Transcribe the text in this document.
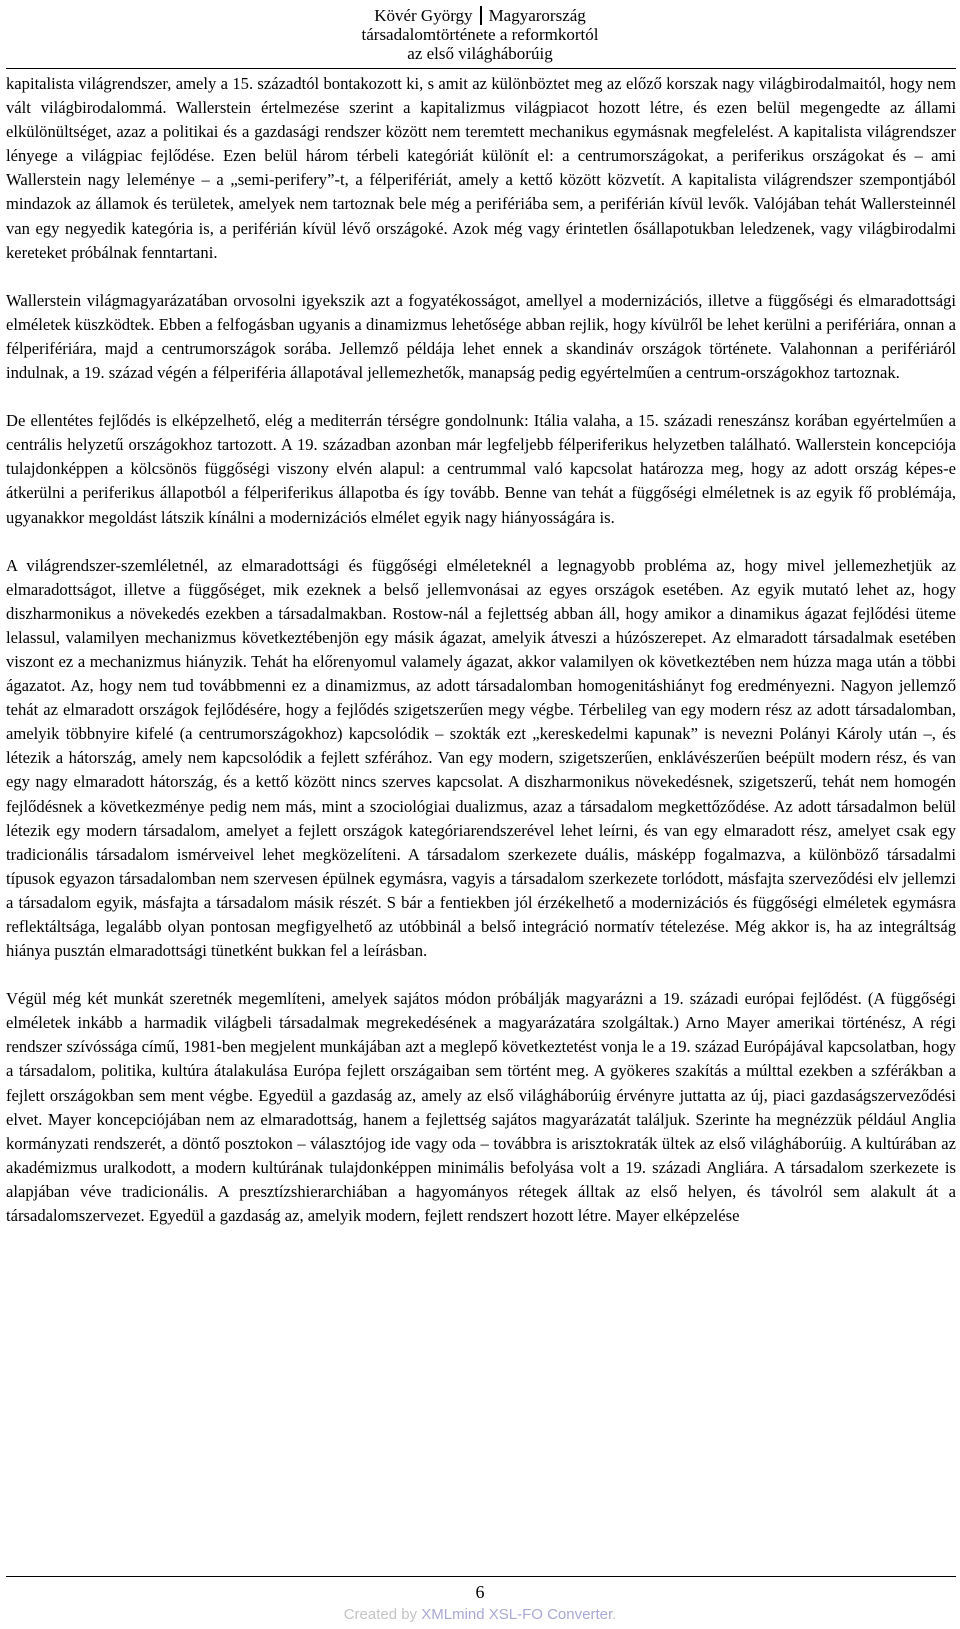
Kövér György Magyarország
társadalomtörténete a reformkortól
az első világháborúig

kapitalista világrendszer, amely a 15. századtól bontakozott ki, s amit az különböztet meg az előző korszak nagy világbirodalmaitól, hogy nem vált világbirodalommá. Wallerstein értelmezése szerint a kapitalizmus világpiacot hozott létre, és ezen belül megengedte az állami elkülönültséget, azaz a politikai és a gazdasági rendszer között nem teremtett mechanikus egymásnak megfelelést. A kapitalista világrendszer lényege a világpiac fejlődése. Ezen belül három térbeli kategóriát különít el: a centrumországokat, a periferikus országokat és – ami Wallerstein nagy leleménye – a „semi-perifery”-t, a félperifériát, amely a kettő között közvetít. A kapitalista világrendszer szempontjából mindazok az államok és területek, amelyek nem tartoznak bele még a perifériába sem, a periférián kívül levők. Valójában tehát Wallersteinnél van egy negyedik kategória is, a periférián kívül lévő országoké. Azok még vagy érintetlen ősállapotukban leledzenek, vagy világbirodalmi kereteket próbálnak fenntartani.

Wallerstein világmagyarázatában orvosolni igyekszik azt a fogyatékosságot, amellyel a modernizációs, illetve a függőségi és elmaradottsági elméletek küszködtek. Ebben a felfogásban ugyanis a dinamizmus lehetősége abban rejlik, hogy kívülről be lehet kerülni a perifériára, onnan a félperifériára, majd a centrumországok sorába. Jellemző példája lehet ennek a skandináv országok története. Valahonnan a perifériáról indulnak, a 19. század végén a félperiféria állapotával jellemezhetők, manapság pedig egyértelműen a centrum-országokhoz tartoznak.

De ellentétes fejlődés is elképzelhető, elég a mediterrán térségre gondolnunk: Itália valaha, a 15. századi reneszánsz korában egyértelműen a centrális helyzetű országokhoz tartozott. A 19. században azonban már legfeljebb félperiferikus helyzetben található. Wallerstein koncepciója tulajdonképpen a kölcsönös függőségi viszony elvén alapul: a centrummal való kapcsolat határozza meg, hogy az adott ország képes-e átkerülni a periferikus állapotból a félperiferikus állapotba és így tovább. Benne van tehát a függőségi elméletnek is az egyik fő problémája, ugyanakkor megoldást látszik kínálni a modernizációs elmélet egyik nagy hiányosságára is.

A világrendszer-szemléletnél, az elmaradottsági és függőségi elméleteknél a legnagyobb probléma az, hogy mivel jellemezhetjük az elmaradottságot, illetve a függőséget, mik ezeknek a belső jellemvonásai az egyes országok esetében. Az egyik mutató lehet az, hogy diszharmonikus a növekedés ezekben a társadalmakban. Rostow-nál a fejlettség abban áll, hogy amikor a dinamikus ágazat fejlődési üteme lelassul, valamilyen mechanizmus következtébenjön egy másik ágazat, amelyik átveszi a húzószerepet. Az elmaradott társadalmak esetében viszont ez a mechanizmus hiányzik. Tehát ha előrenyomul valamely ágazat, akkor valamilyen ok következtében nem húzza maga után a többi ágazatot. Az, hogy nem tud továbbmenni ez a dinamizmus, az adott társadalomban homogenitáshiányt fog eredményezni. Nagyon jellemző tehát az elmaradott országok fejlődésére, hogy a fejlődés szigetszerűen megy végbe. Térbelileg van egy modern rész az adott társadalomban, amelyik többnyire kifelé (a centrumországokhoz) kapcsolódik – szokták ezt „kereskedelmi kapunak” is nevezni Polányi Károly után –, és létezik a hátország, amely nem kapcsolódik a fejlett szférához. Van egy modern, szigetszerűen, enklávészerűen beépült modern rész, és van egy nagy elmaradott hátország, és a kettő között nincs szerves kapcsolat. A diszharmonikus növekedésnek, szigetszerű, tehát nem homogén fejlődésnek a következménye pedig nem más, mint a szociológiai dualizmus, azaz a társadalom megkettőződése. Az adott társadalmon belül létezik egy modern társadalom, amelyet a fejlett országok kategóriarendszerével lehet leírni, és van egy elmaradott rész, amelyet csak egy tradicionális társadalom ismérveivel lehet megközelíteni. A társadalom szerkezete duális, másképp fogalmazva, a különböző társadalmi típusok egyazon társadalomban nem szervesen épülnek egymásra, vagyis a társadalom szerkezete torlódott, másfajta szerveződési elv jellemzi a társadalom egyik, másfajta a társadalom másik részét. S bár a fentiekben jól érzékelhető a modernizációs és függőségi elméletek egymásra reflektáltsága, legalább olyan pontosan megfigyelhető az utóbbinál a belső integráció normatív tételezése. Még akkor is, ha az integráltság hiánya pusztán elmaradottsági tünetként bukkan fel a leírásban.

Végül még két munkát szeretnék megemlíteni, amelyek sajátos módon próbálják magyarázni a 19. századi európai fejlődést. (A függőségi elméletek inkább a harmadik világbeli társadalmak megrekedésének a magyarázatára szolgáltak.) Arno Mayer amerikai történész, A régi rendszer szívóssága című, 1981-ben megjelent munkájában azt a meglepő következtetést vonja le a 19. század Európájával kapcsolatban, hogy a társadalom, politika, kultúra átalakulása Európa fejlett országaiban sem történt meg. A gyökeres szakítás a múlttal ezekben a szférákban a fejlett országokban sem ment végbe. Egyedül a gazdaság az, amely az első világháborúig érvényre juttatta az új, piaci gazdaságszerveződési elvet. Mayer koncepciójában nem az elmaradottság, hanem a fejlettség sajátos magyarázatát találjuk. Szerinte ha megnézzük például Anglia kormányzati rendszerét, a döntő posztokon – választójog ide vagy oda – továbbra is arisztokraták ültek az első világháborúig. A kultúrában az akadémizmus uralkodott, a modern kultúrának tulajdonképpen minimális befolyása volt a 19. századi Angliára. A társadalom szerkezete is alapjában véve tradicionális. A presztízshierarchiában a hagyományos rétegek álltak az első helyen, és távolról sem alakult át a társadalomszervezet. Egyedül a gazdaság az, amelyik modern, fejlett rendszert hozott létre. Mayer elképzelése

6
Created by XMLmind XSL-FO Converter.
